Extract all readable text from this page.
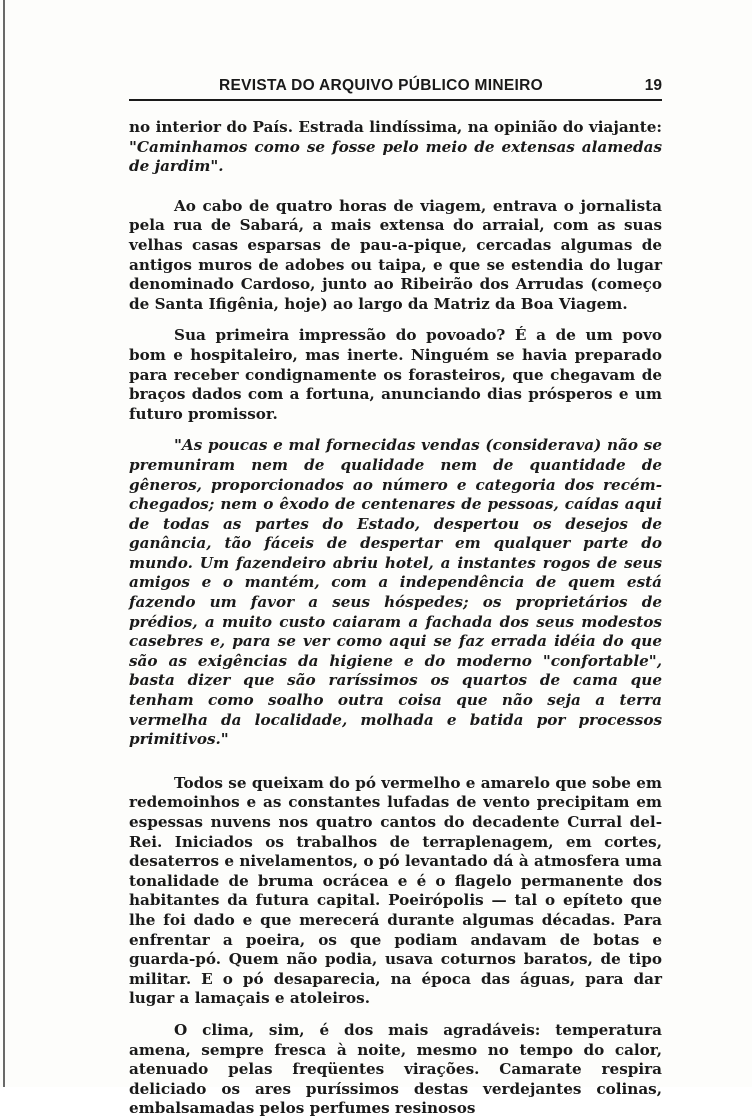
REVISTA DO ARQUIVO PÚBLICO MINEIRO	19

no interior do País. Estrada lindíssima, na opinião do viajante: "Caminhamos como se fosse pelo meio de extensas alamedas de jardim".

Ao cabo de quatro horas de viagem, entrava o jornalista pela rua de Sabará, a mais extensa do arraial, com as suas velhas casas esparsas de pau-a-pique, cercadas algumas de antigos muros de adobes ou taipa, e que se estendia do lugar denominado Cardoso, junto ao Ribeirão dos Arrudas (começo de Santa Ifigênia, hoje) ao largo da Matriz da Boa Viagem.

Sua primeira impressão do povoado? É a de um povo bom e hospitaleiro, mas inerte. Ninguém se havia preparado para receber condignamente os forasteiros, que chegavam de braços dados com a fortuna, anunciando dias prósperos e um futuro promissor.

"As poucas e mal fornecidas vendas (considerava) não se premuniram nem de qualidade nem de quantidade de gêneros, proporcionados ao número e categoria dos recém-chegados; nem o êxodo de centenares de pessoas, caídas aqui de todas as partes do Estado, despertou os desejos de ganância, tão fáceis de despertar em qualquer parte do mundo. Um fazendeiro abriu hotel, a instantes rogos de seus amigos e o mantém, com a independência de quem está fazendo um favor a seus hóspedes; os proprietários de prédios, a muito custo caiaram a fachada dos seus modestos casebres e, para se ver como aqui se faz errada idéia do que são as exigências da higiene e do moderno "confortable", basta dizer que são raríssimos os quartos de cama que tenham como soalho outra coisa que não seja a terra vermelha da localidade, molhada e batida por processos primitivos."

Todos se queixam do pó vermelho e amarelo que sobe em redemoinhos e as constantes lufadas de vento precipitam em espessas nuvens nos quatro cantos do decadente Curral del-Rei. Iniciados os trabalhos de terraplenagem, em cortes, desaterros e nivelamentos, o pó levantado dá à atmosfera uma tonalidade de bruma ocrácea e é o flagelo permanente dos habitantes da futura capital. Poeirópolis — tal o epíteto que lhe foi dado e que merecerá durante algumas décadas. Para enfrentar a poeira, os que podiam andavam de botas e guarda-pó. Quem não podia, usava coturnos baratos, de tipo militar. E o pó desaparecia, na época das águas, para dar lugar a lamaçais e atoleiros.

O clima, sim, é dos mais agradáveis: temperatura amena, sempre fresca à noite, mesmo no tempo do calor, atenuado pelas freqüentes virações. Camarate respira deliciado os ares puríssimos destas verdejantes colinas, embalsamadas pelos perfumes resinosos
